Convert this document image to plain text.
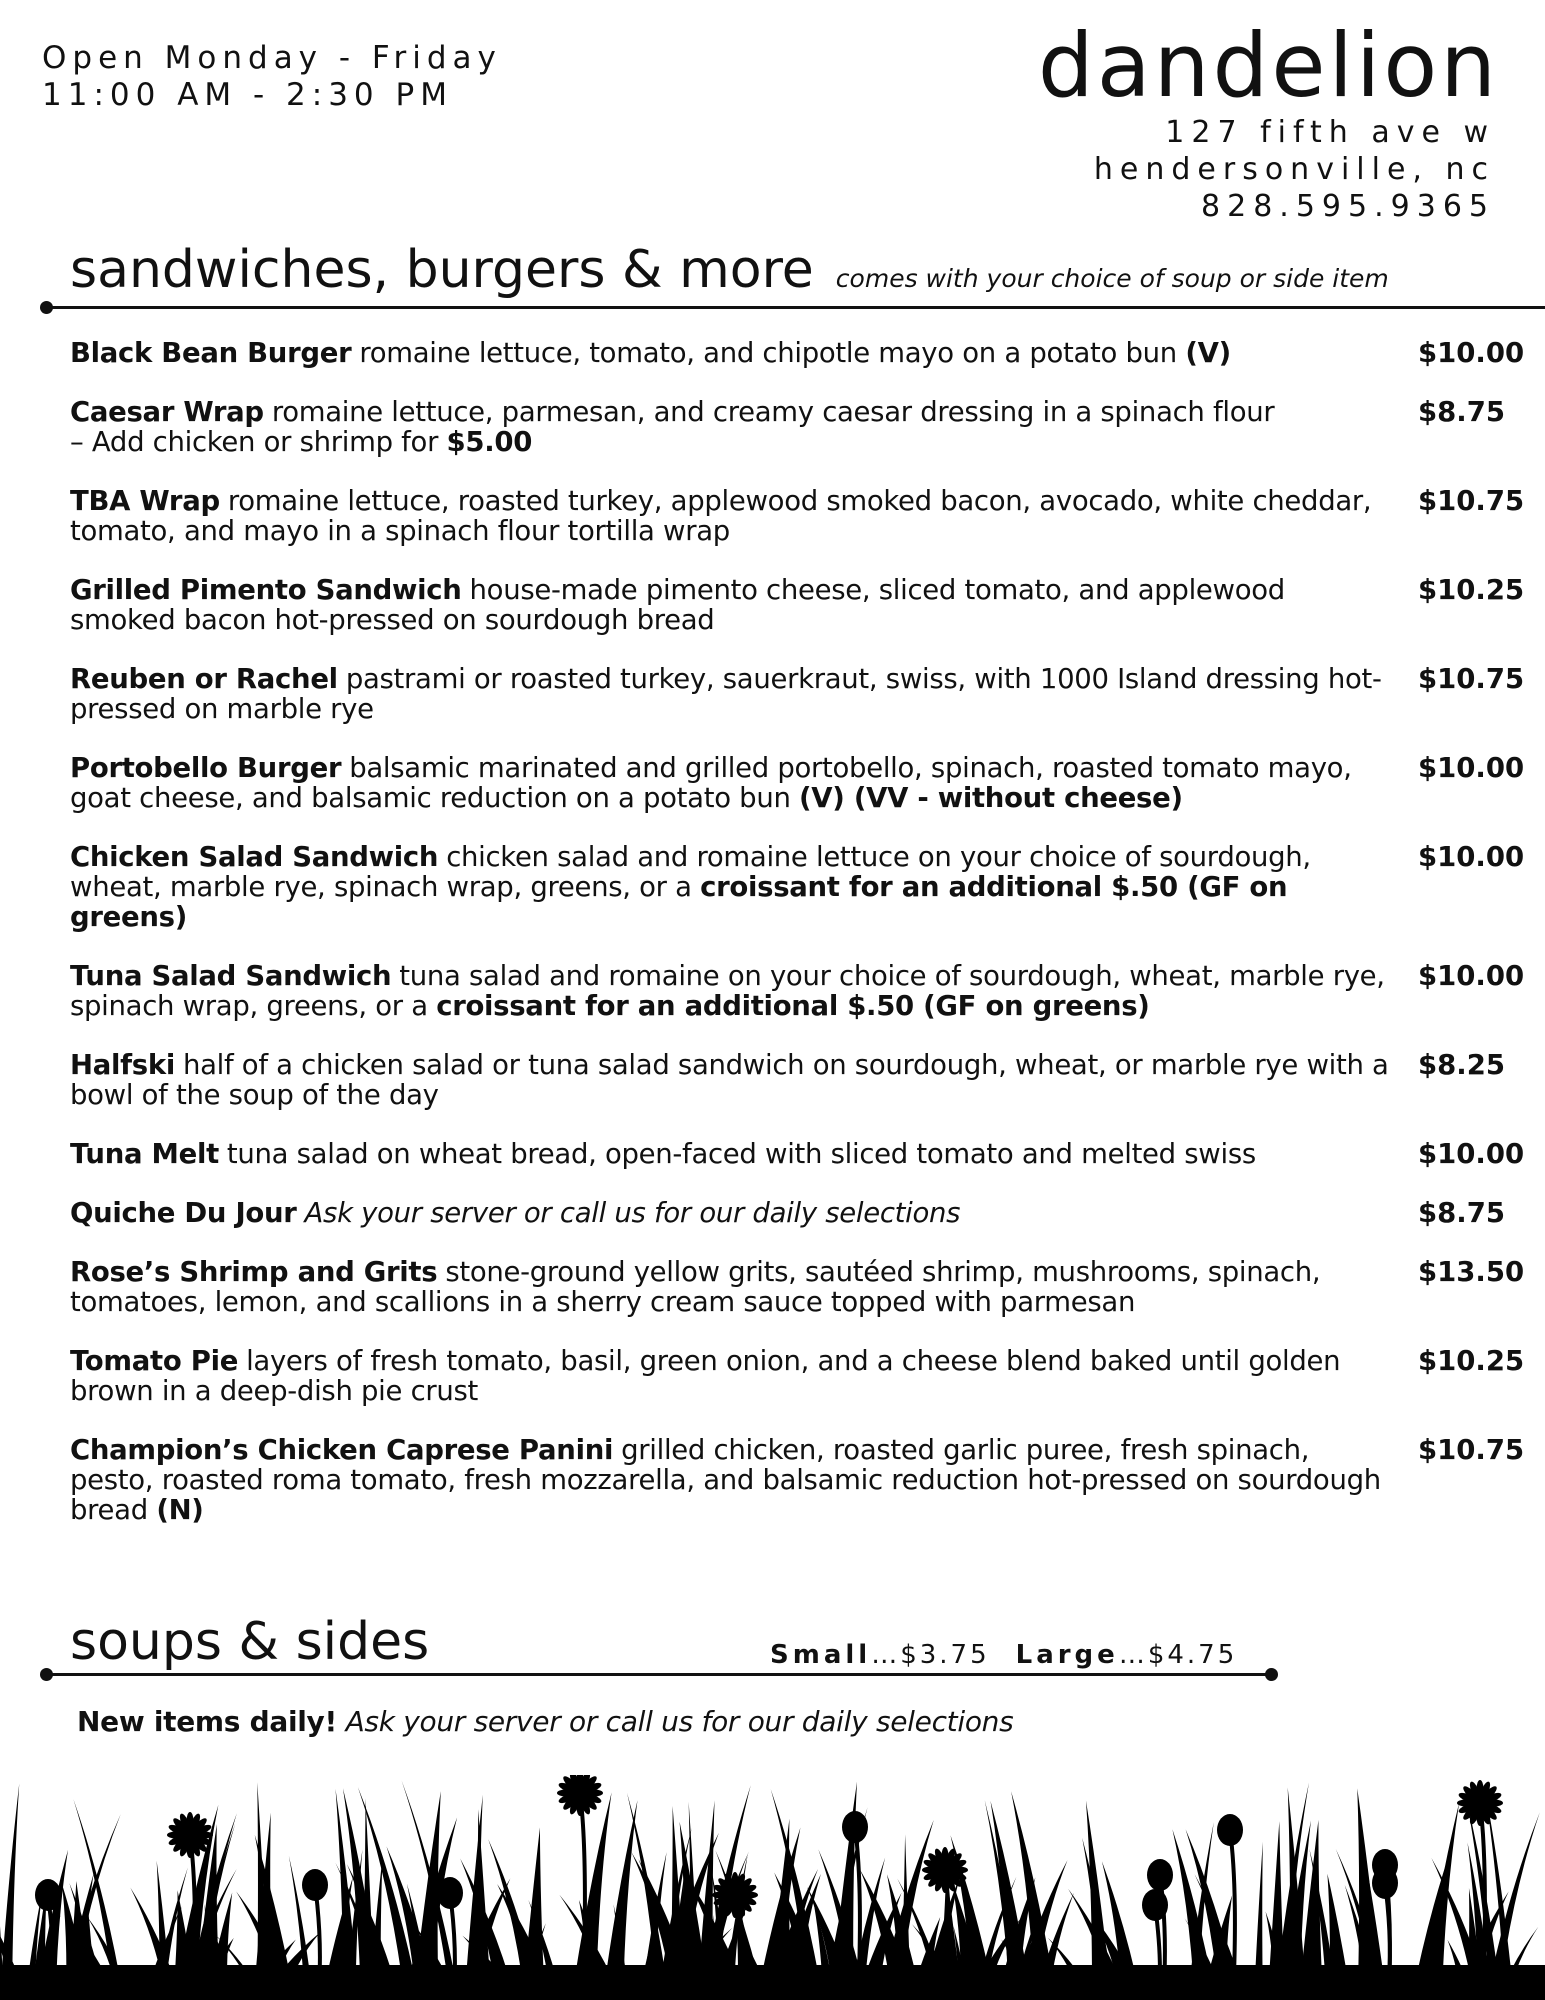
Open Monday - Friday
11:00 AM - 2:30 PM	dandelion
127 fifth ave w
hendersonville, nc
828.595.9365
sandwiches, burgers & more comes with your choice of soup or side item
Black Bean Burger romaine lettuce, tomato, and chipotle mayo on a potato bun (V)	$10.00
Caesar Wrap romaine lettuce, parmesan, and creamy caesar dressing in a spinach flour
– Add chicken or shrimp for $5.00
$8.75
TBA Wrap romaine lettuce, roasted turkey, applewood smoked bacon, avocado, white cheddar, tomato, and mayo in a spinach flour tortilla wrap
$10.75
Grilled Pimento Sandwich house-made pimento cheese, sliced tomato, and applewood smoked bacon hot-pressed on sourdough bread
$10.25
Reuben or Rachel pastrami or roasted turkey, sauerkraut, swiss, with 1000 Island dressing hot-pressed on marble rye
$10.75
Portobello Burger balsamic marinated and grilled portobello, spinach, roasted tomato mayo, goat cheese, and balsamic reduction on a potato bun (V) (VV - without cheese)
$10.00
Chicken Salad Sandwich chicken salad and romaine lettuce on your choice of sourdough, wheat, marble rye, spinach wrap, greens, or a croissant for an additional $.50 (GF on greens)
$10.00
Tuna Salad Sandwich tuna salad and romaine on your choice of sourdough, wheat, marble rye, spinach wrap, greens, or a croissant for an additional $.50 (GF on greens)
$10.00
Halfski half of a chicken salad or tuna salad sandwich on sourdough, wheat, or marble rye with a bowl of the soup of the day
$8.25
Tuna Melt tuna salad on wheat bread, open-faced with sliced tomato and melted swiss	$10.00
Quiche Du Jour Ask your server or call us for our daily selections	$8.75
Rose’s Shrimp and Grits stone-ground yellow grits, sautéed shrimp, mushrooms, spinach, tomatoes, lemon, and scallions in a sherry cream sauce topped with parmesan
$13.50
Tomato Pie layers of fresh tomato, basil, green onion, and a cheese blend baked until golden brown in a deep-dish pie crust
$10.25
Champion’s Chicken Caprese Panini grilled chicken, roasted garlic puree, fresh spinach, pesto, roasted roma tomato, fresh mozzarella, and balsamic reduction hot-pressed on sourdough bread (N)
$10.75
soups & sides	Small…$3.75 Large…$4.75
New items daily! Ask your server or call us for our daily selections
